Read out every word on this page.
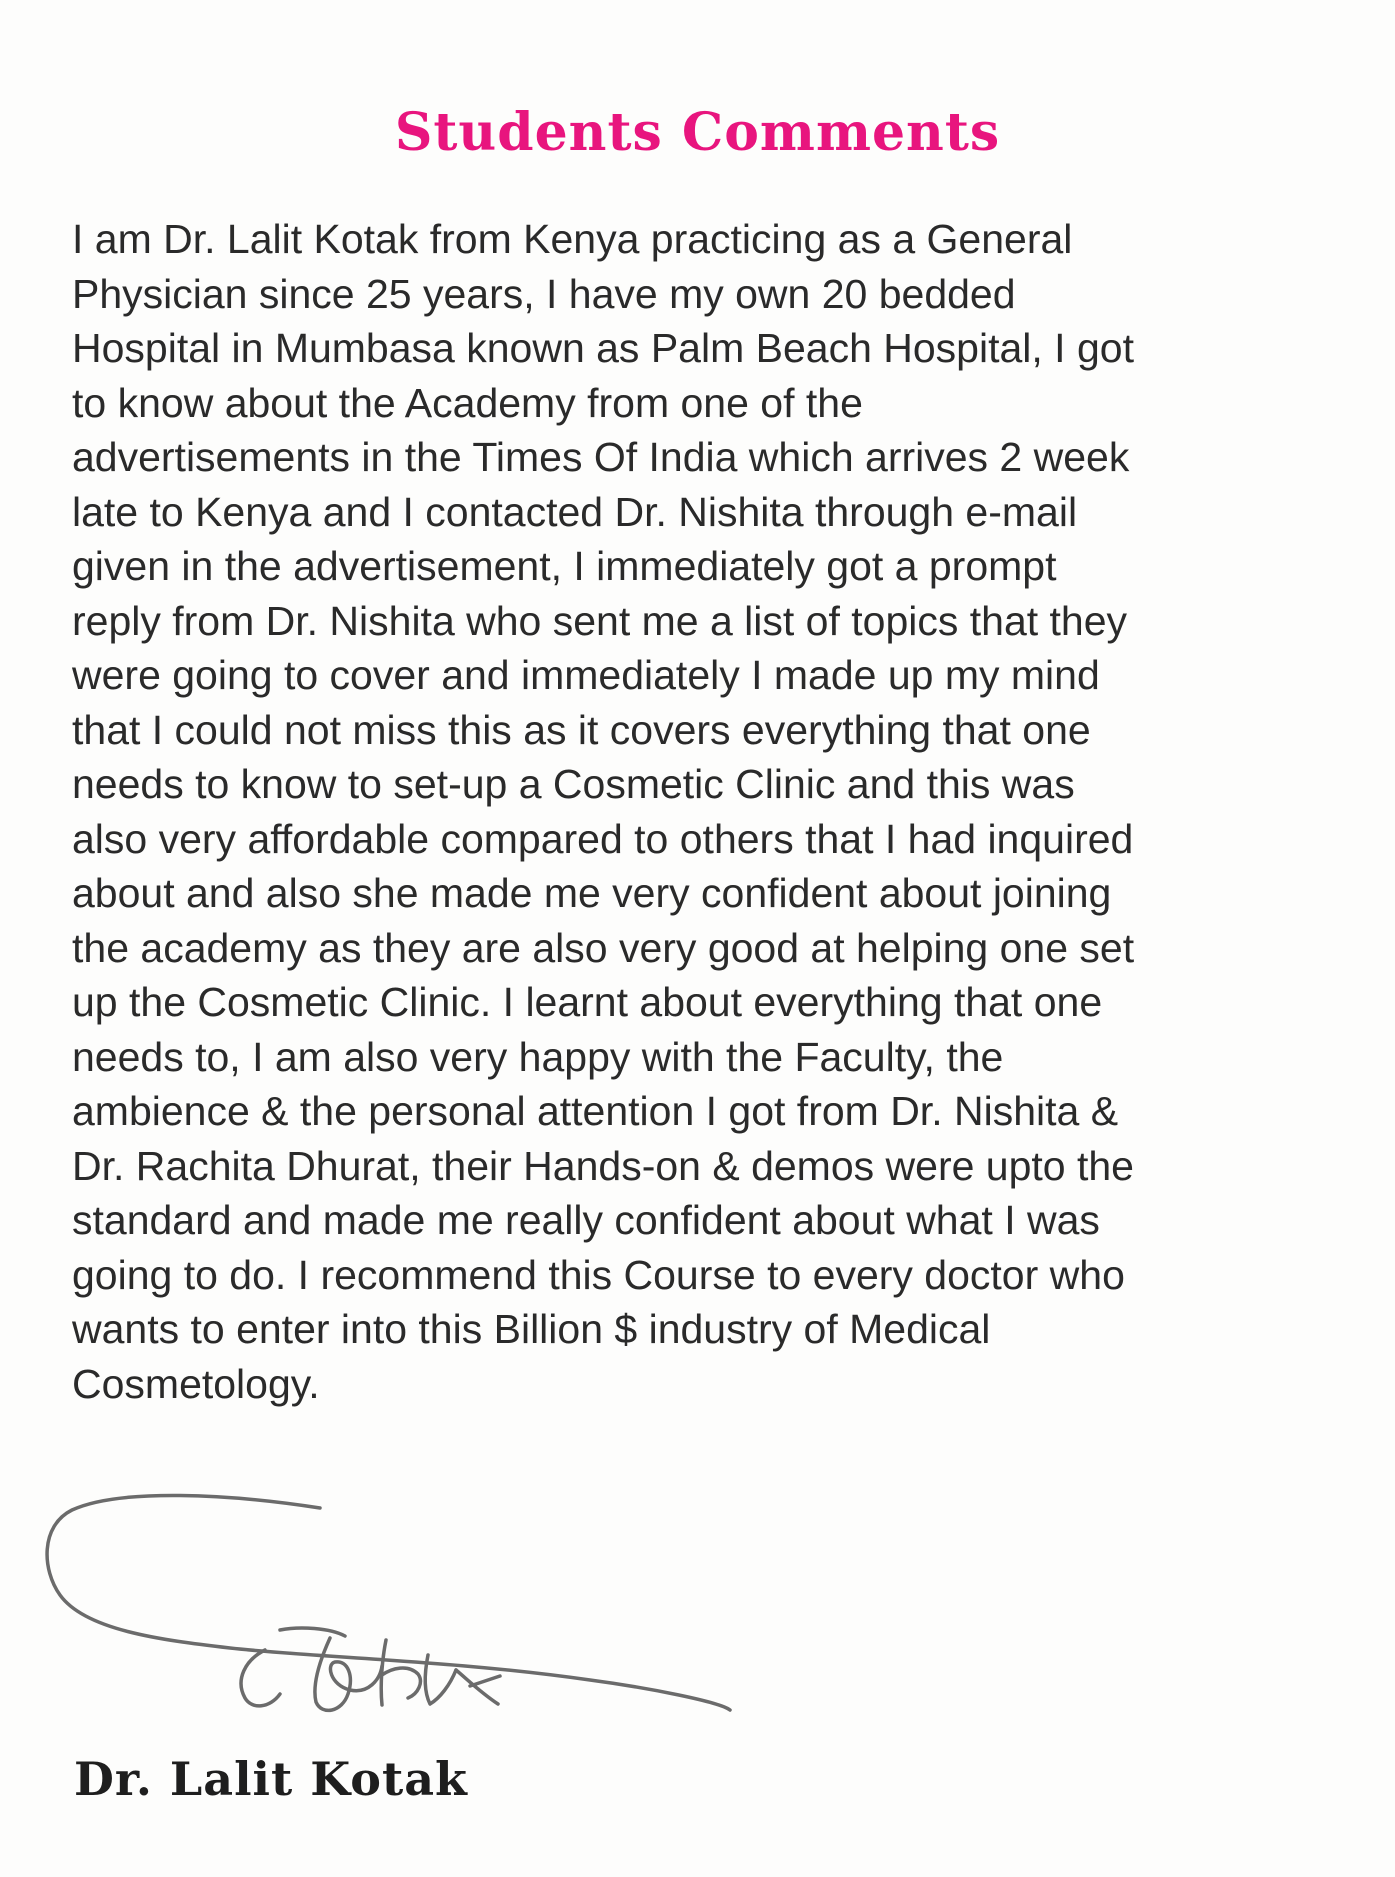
Students Comments
I am Dr. Lalit Kotak from Kenya practicing as a General
Physician since 25 years, I have my own 20 bedded
Hospital in Mumbasa known as Palm Beach Hospital, I got
to know about the Academy from one of the
advertisements in the Times Of India which arrives 2 week
late to Kenya and I contacted Dr. Nishita through e-mail
given in the advertisement, I immediately got a prompt
reply from Dr. Nishita who sent me a list of topics that they
were going to cover and immediately I made up my mind
that I could not miss this as it covers everything that one
needs to know to set-up a Cosmetic Clinic and this was
also very affordable compared to others that I had inquired
about and also she made me very confident about joining
the academy as they are also very good at helping one set
up the Cosmetic Clinic. I learnt about everything that one
needs to, I am also very happy with the Faculty, the
ambience & the personal attention I got from Dr. Nishita &
Dr. Rachita Dhurat, their Hands-on & demos were upto the
standard and made me really confident about what I was
going to do. I recommend this Course to every doctor who
wants to enter into this Billion $ industry of Medical
Cosmetology.
Dr. Lalit Kotak
